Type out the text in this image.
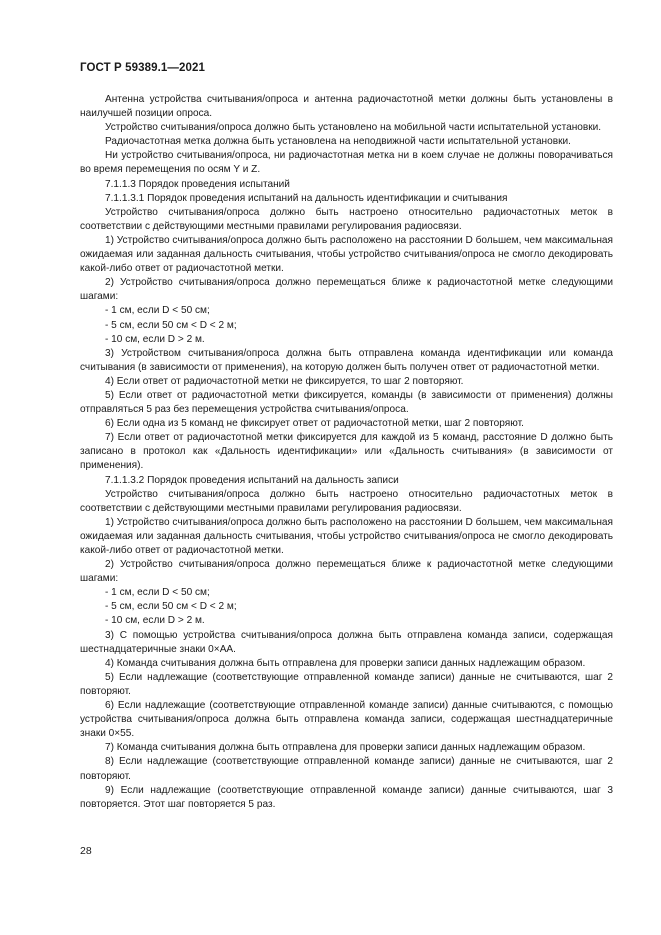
ГОСТ Р 59389.1—2021

Антенна устройства считывания/опроса и антенна радиочастотной метки должны быть установлены в наилучшей позиции опроса.

Устройство считывания/опроса должно быть установлено на мобильной части испытательной установки.

Радиочастотная метка должна быть установлена на неподвижной части испытательной установки.

Ни устройство считывания/опроса, ни радиочастотная метка ни в коем случае не должны поворачиваться во время перемещения по осям Y и Z.

7.1.1.3 Порядок проведения испытаний

7.1.1.3.1 Порядок проведения испытаний на дальность идентификации и считывания

Устройство считывания/опроса должно быть настроено относительно радиочастотных меток в соответствии с действующими местными правилами регулирования радиосвязи.

1) Устройство считывания/опроса должно быть расположено на расстоянии D большем, чем максимальная ожидаемая или заданная дальность считывания, чтобы устройство считывания/опроса не смогло декодировать какой-либо ответ от радиочастотной метки.

2) Устройство считывания/опроса должно перемещаться ближе к радиочастотной метке следующими шагами:

- 1 см, если D < 50 см;

- 5 см, если 50 см < D < 2 м;

- 10 см, если D > 2 м.

3) Устройством считывания/опроса должна быть отправлена команда идентификации или команда считывания (в зависимости от применения), на которую должен быть получен ответ от радиочастотной метки.

4) Если ответ от радиочастотной метки не фиксируется, то шаг 2 повторяют.

5) Если ответ от радиочастотной метки фиксируется, команды (в зависимости от применения) должны отправляться 5 раз без перемещения устройства считывания/опроса.

6) Если одна из 5 команд не фиксирует ответ от радиочастотной метки, шаг 2 повторяют.

7) Если ответ от радиочастотной метки фиксируется для каждой из 5 команд, расстояние D должно быть записано в протокол как «Дальность идентификации» или «Дальность считывания» (в зависимости от применения).

7.1.1.3.2 Порядок проведения испытаний на дальность записи

Устройство считывания/опроса должно быть настроено относительно радиочастотных меток в соответствии с действующими местными правилами регулирования радиосвязи.

1) Устройство считывания/опроса должно быть расположено на расстоянии D большем, чем максимальная ожидаемая или заданная дальность считывания, чтобы устройство считывания/опроса не смогло декодировать какой-либо ответ от радиочастотной метки.

2) Устройство считывания/опроса должно перемещаться ближе к радиочастотной метке следующими шагами:

- 1 см, если D < 50 см;

- 5 см, если 50 см < D < 2 м;

- 10 см, если D > 2 м.

3) С помощью устройства считывания/опроса должна быть отправлена команда записи, содержащая шестнадцатеричные знаки 0×AA.

4) Команда считывания должна быть отправлена для проверки записи данных надлежащим образом.

5) Если надлежащие (соответствующие отправленной команде записи) данные не считываются, шаг 2 повторяют.

6) Если надлежащие (соответствующие отправленной команде записи) данные считываются, с помощью устройства считывания/опроса должна быть отправлена команда записи, содержащая шестнадцатеричные знаки 0×55.

7) Команда считывания должна быть отправлена для проверки записи данных надлежащим образом.

8) Если надлежащие (соответствующие отправленной команде записи) данные не считываются, шаг 2 повторяют.

9) Если надлежащие (соответствующие отправленной команде записи) данные считываются, шаг 3 повторяется. Этот шаг повторяется 5 раз.

28
